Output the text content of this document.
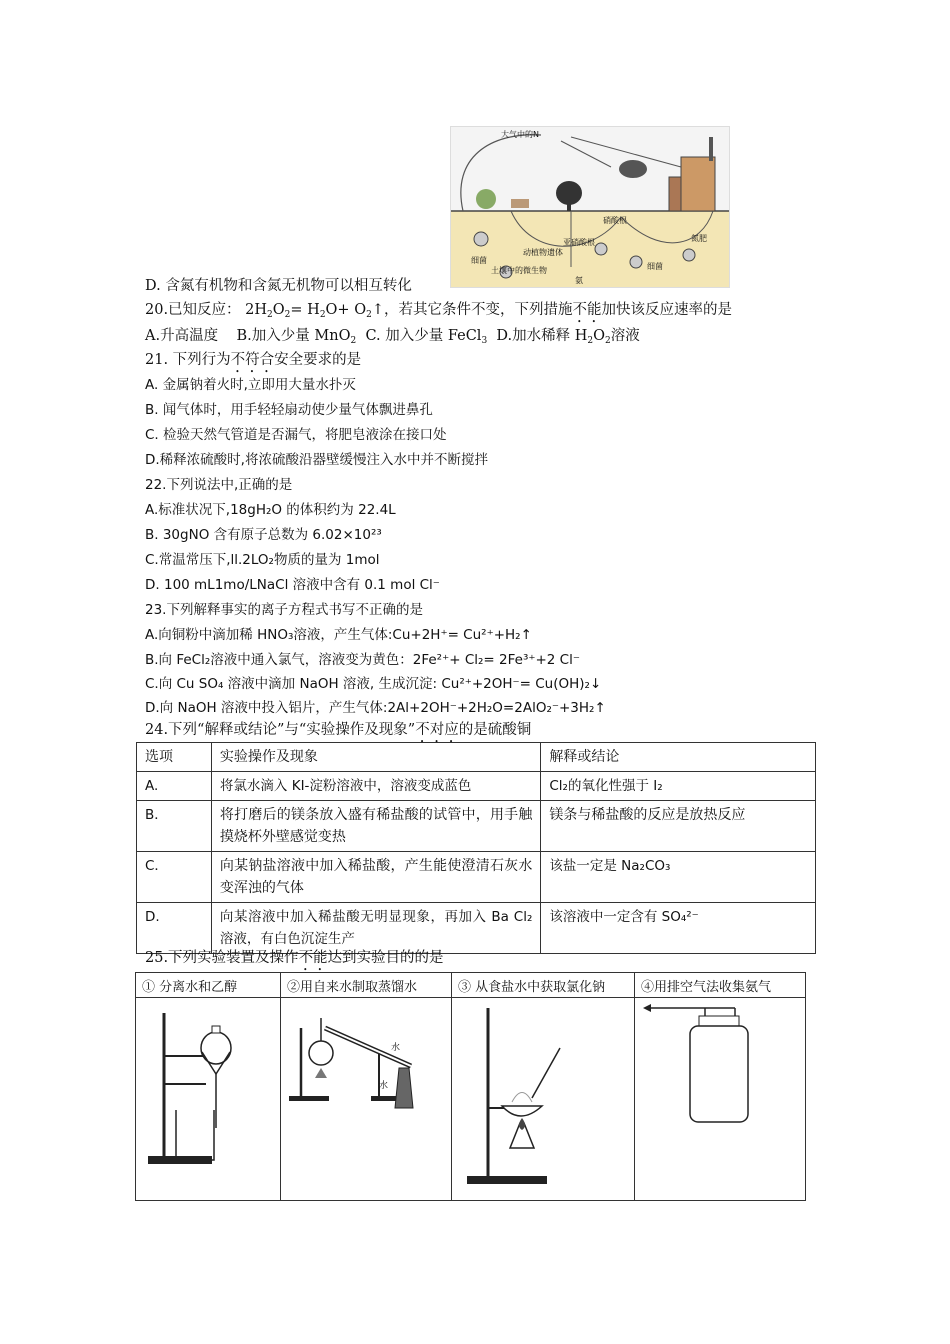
大气中的N
细菌
动植物遗体
土壤中的微生物
硝酸根
亚硝酸根
氨
氮肥
细菌
D. 含氮有机物和含氮无机物可以相互转化
20.已知反应： $2H_2O_2= H_2O+$ $O_2↑$，若其它条件不变，下列措施不能加快该反应速率的是
A.升高温度 B.加入少量 MnO$_2$ C. 加入少量 FeCl$_3$ D.加水稀释 $H_2O_2$溶液
21. 下列行为不符合安全要求的是
A. 金属钠着火时,立即用大量水扑灭
B. 闻气体时，用手轻轻扇动使少量气体飘进鼻孔
C. 检验天然气管道是否漏气，将肥皂液涂在接口处
D.稀释浓硫酸时,将浓硫酸沿器壁缓慢注入水中并不断搅拌
22.下列说法中,正确的是
A.标准状况下,18gH₂O 的体积约为 22.4L
B. 30gNO 含有原子总数为 6.02×10²³
C.常温常压下,ll.2LO₂物质的量为 1mol
D. 100 mL1mo/LNaCl 溶液中含有 0.1 mol Cl⁻
23.下列解释事实的离子方程式书写不正确的是
A.向铜粉中滴加稀 HNO₃溶液，产生气体:Cu+2H⁺= Cu²⁺+H₂↑
B.向 FeCl₂溶液中通入氯气，溶液变为黄色：2Fe²⁺+ Cl₂= 2Fe³⁺+2 Cl⁻
C.向 Cu SO₄ 溶液中滴加 NaOH 溶液, 生成沉淀: Cu²⁺+2OH⁻= Cu(OH)₂↓
D.向 NaOH 溶液中投入铝片，产生气体:2Al+2OH⁻+2H₂O=2AlO₂⁻+3H₂↑
24.下列“解释或结论”与“实验操作及现象”不对应的是硫酸铜
选项	实验操作及现象	解释或结论
A.	将氯水滴入 KI-淀粉溶液中，溶液变成蓝色	Cl₂的氧化性强于 I₂
B．	将打磨后的镁条放入盛有稀盐酸的试管中，用手触摸烧杯外壁感觉变热	镁条与稀盐酸的反应是放热反应
C．	向某钠盐溶液中加入稀盐酸，产生能使澄清石灰水变浑浊的气体	该盐一定是 Na₂CO₃
D.	向某溶液中加入稀盐酸无明显现象，再加入 Ba Cl₂溶液，有白色沉淀生产	该溶液中一定含有 SO₄²⁻
25.下列实验装置及操作不能达到实验目的的是
① 分离水和乙醇	②用自来水制取蒸馏水	③ 从食盐水中获取氯化钠	④用排空气法收集氨气

水
水
